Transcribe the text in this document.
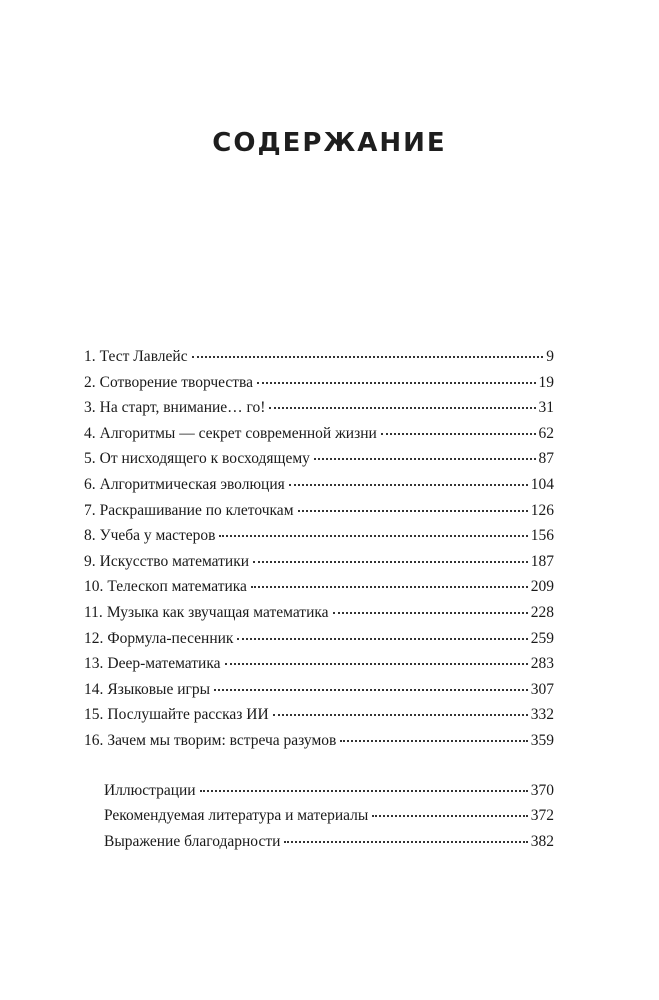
СОДЕРЖАНИЕ
1. Тест Лавлейс	9
2. Сотворение творчества	19
3. На старт, внимание… го!	31
4. Алгоритмы — секрет современной жизни	62
5. От нисходящего к восходящему	87
6. Алгоритмическая эволюция	104
7. Раскрашивание по клеточкам	126
8. Учеба у мастеров	156
9. Искусство математики	187
10. Телескоп математика	209
11. Музыка как звучащая математика	228
12. Формула-песенник	259
13. Deep-математика	283
14. Языковые игры	307
15. Послушайте рассказ ИИ	332
16. Зачем мы творим: встреча разумов	359
Иллюстрации	370
Рекомендуемая литература и материалы	372
Выражение благодарности	382
